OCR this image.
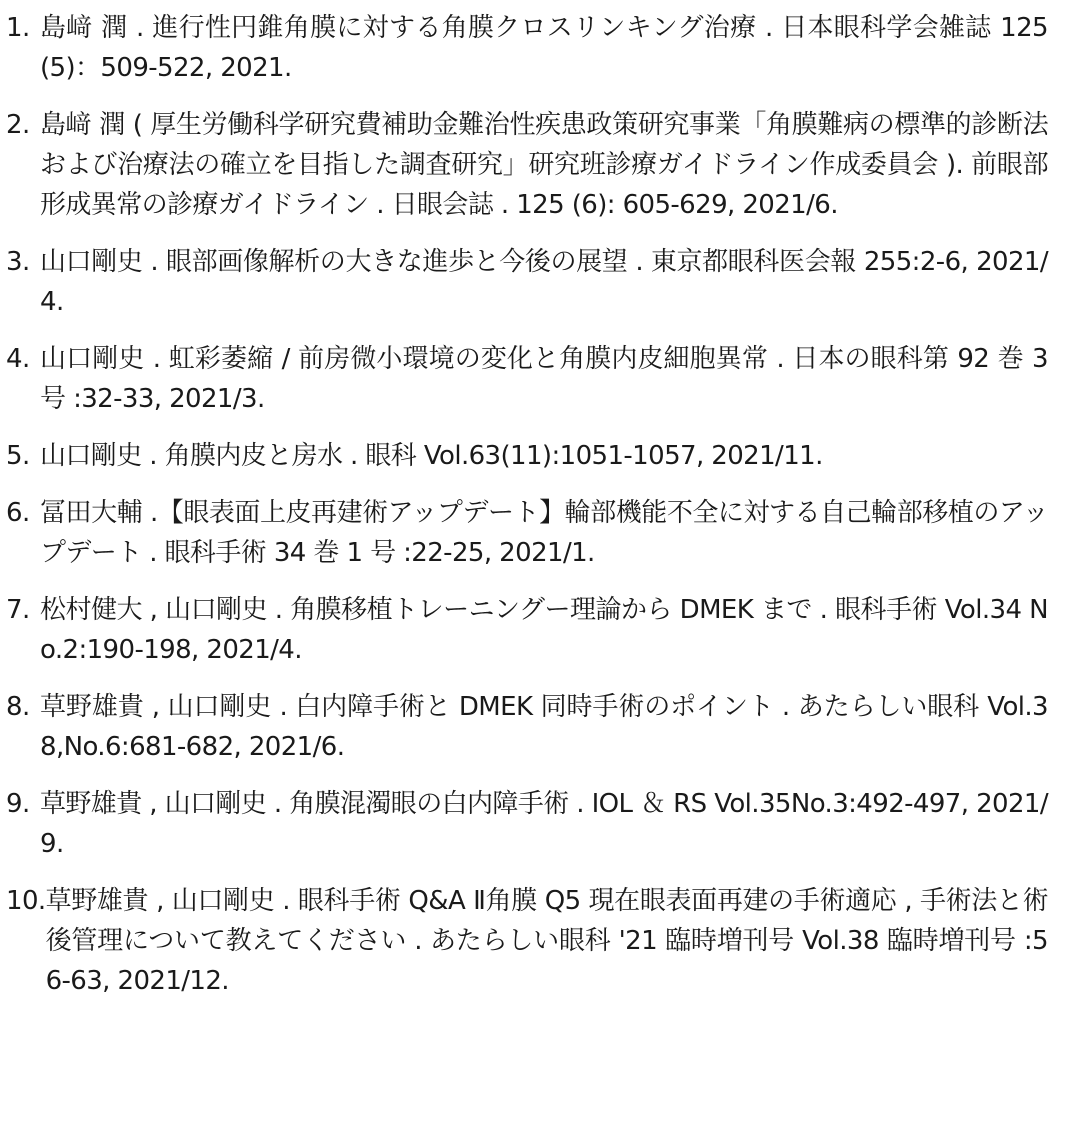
1. 島﨑 潤 . 進行性円錐角膜に対する角膜クロスリンキング治療 . 日本眼科学会雑誌 125(5)：509-522, 2021.
2. 島﨑 潤 ( 厚生労働科学研究費補助金難治性疾患政策研究事業「角膜難病の標準的診断法および治療法の確立を目指した調査研究」研究班診療ガイドライン作成委員会 ). 前眼部形成異常の診療ガイドライン . 日眼会誌 . 125 (6): 605-629, 2021/6.
3. 山口剛史 . 眼部画像解析の大きな進歩と今後の展望 . 東京都眼科医会報 255:2-6, 2021/4.
4. 山口剛史 . 虹彩萎縮 / 前房微小環境の変化と角膜内皮細胞異常 . 日本の眼科第 92 巻 3 号 :32-33, 2021/3.
5. 山口剛史 . 角膜内皮と房水 . 眼科 Vol.63(11):1051-1057, 2021/11.
6. 冨田大輔 .【眼表面上皮再建術アップデート】輪部機能不全に対する自己輪部移植のアップデート . 眼科手術 34 巻 1 号 :22-25, 2021/1.
7. 松村健大 , 山口剛史 . 角膜移植トレーニングー理論から DMEK まで . 眼科手術 Vol.34 No.2:190-198, 2021/4.
8. 草野雄貴 , 山口剛史 . 白内障手術と DMEK 同時手術のポイント . あたらしい眼科 Vol.38,No.6:681-682, 2021/6.
9. 草野雄貴 , 山口剛史 . 角膜混濁眼の白内障手術 . IOL ＆ RS Vol.35No.3:492-497, 2021/9.
10. 草野雄貴 , 山口剛史 . 眼科手術 Q&A Ⅱ角膜 Q5 現在眼表面再建の手術適応 , 手術法と術後管理について教えてください . あたらしい眼科 '21 臨時増刊号 Vol.38 臨時増刊号 :56-63, 2021/12.
